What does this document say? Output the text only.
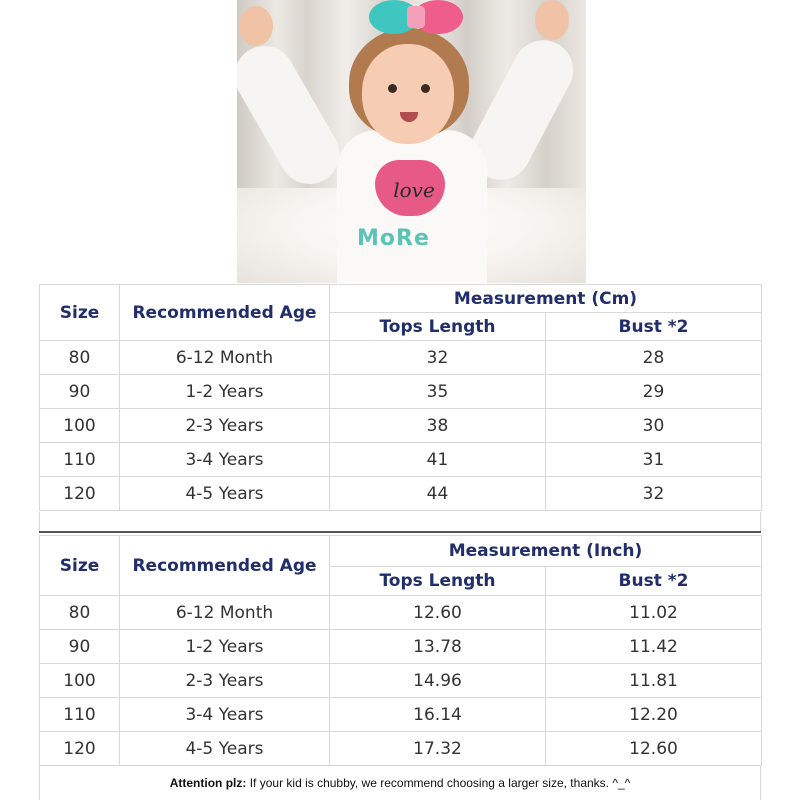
love
MoRe
Size	Recommended Age	Measurement (Cm)	
		Tops Length	Bust *2
80	6-12 Month	32	28
90	1-2 Years	35	29
100	2-3 Years	38	30
110	3-4 Years	41	31
120	4-5 Years	44	32
Size	Recommended Age	Measurement (Inch)	
		Tops Length	Bust *2
80	6-12 Month	12.60	11.02
90	1-2 Years	13.78	11.42
100	2-3 Years	14.96	11.81
110	3-4 Years	16.14	12.20
120	4-5 Years	17.32	12.60
Attention plz: If your kid is chubby, we recommend choosing a larger size, thanks. ^_^
